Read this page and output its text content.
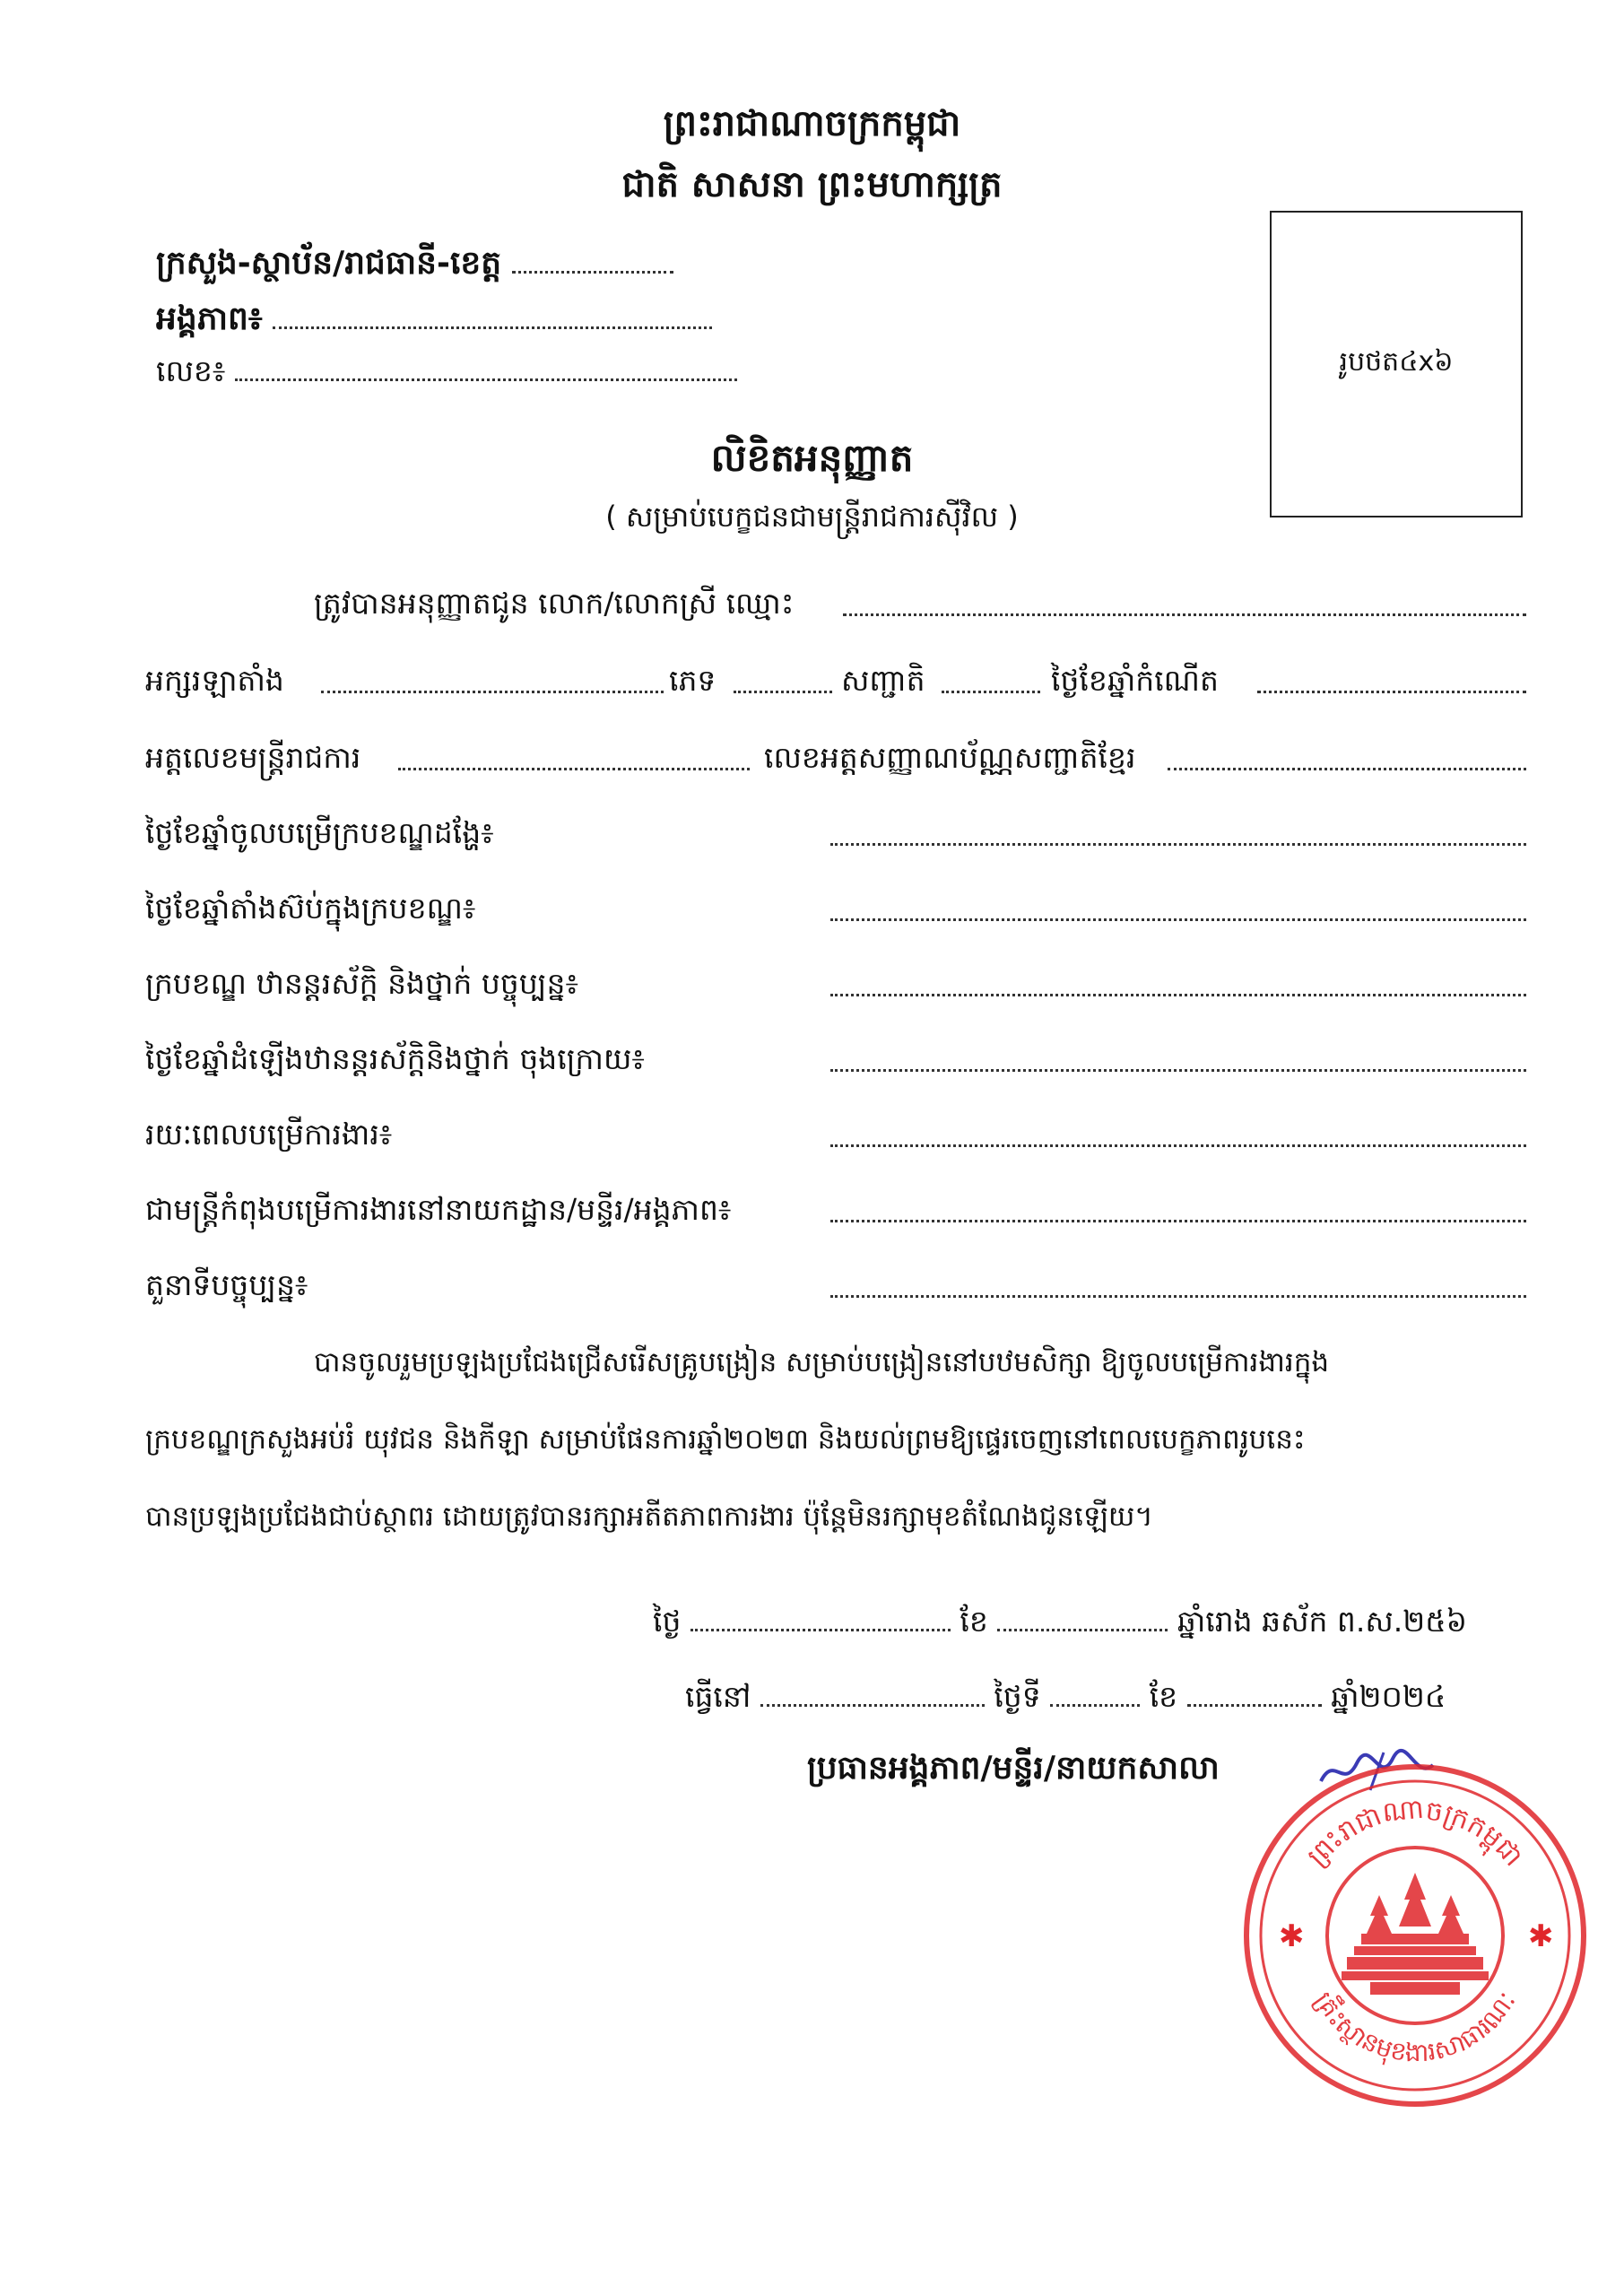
ព្រះរាជាណាចក្រកម្ពុជា
ជាតិ សាសនា ព្រះមហាក្សត្រ
ក្រសួង-ស្ថាប័ន/រាជធានី-ខេត្ត
អង្គភាព៖
លេខ៖	រូបថត៤x៦
លិខិតអនុញ្ញាត
( សម្រាប់បេក្ខជនជាមន្ត្រីរាជការស៊ីវិល )
ត្រូវបានអនុញ្ញាតជូន លោក/លោកស្រី ឈ្មោះ
អក្សរឡាតាំង	ភេទ	សញ្ជាតិ	ថ្ងៃខែឆ្នាំកំណើត
អត្តលេខមន្ត្រីរាជការ	លេខអត្តសញ្ញាណប័ណ្ណសញ្ជាតិខ្មែរ
ថ្ងៃខែឆ្នាំចូលបម្រើក្របខណ្ឌដង្ហែ៖
ថ្ងៃខែឆ្នាំតាំងស៊ប់ក្នុងក្របខណ្ឌ៖
ក្របខណ្ឌ ឋានន្តរស័ក្តិ និងថ្នាក់ បច្ចុប្បន្ន៖
ថ្ងៃខែឆ្នាំដំឡើងឋានន្តរស័ក្តិនិងថ្នាក់ ចុងក្រោយ៖
រយៈពេលបម្រើការងារ៖
ជាមន្ត្រីកំពុងបម្រើការងារនៅនាយកដ្ឋាន/មន្ទីរ/អង្គភាព៖
តួនាទីបច្ចុប្បន្ន៖
បានចូលរួមប្រឡងប្រជែងជ្រើសរើសគ្រូបង្រៀន សម្រាប់បង្រៀននៅបឋមសិក្សា ឱ្យចូលបម្រើការងារក្នុង
ក្របខណ្ឌក្រសួងអប់រំ យុវជន និងកីឡា សម្រាប់ផែនការឆ្នាំ២០២៣ និងយល់ព្រមឱ្យផ្ទេរចេញនៅពេលបេក្ខភាពរូបនេះ
បានប្រឡងប្រជែងជាប់ស្ថាពរ ដោយត្រូវបានរក្សាអតីតភាពការងារ ប៉ុន្តែមិនរក្សាមុខតំណែងជូនឡើយ។
ថ្ងៃ	ខែ	ឆ្នាំរោង ឆស័ក ព.ស.២៥៦
ធ្វើនៅ	ថ្ងៃទី	ខែ	ឆ្នាំ២០២៤
ប្រធានអង្គភាព/មន្ទីរ/នាយកសាលា
ព្រះរាជាណាចក្រកម្ពុជា
គ្រឹះស្ថានមុខងារសាធារណៈ
✱	✱
